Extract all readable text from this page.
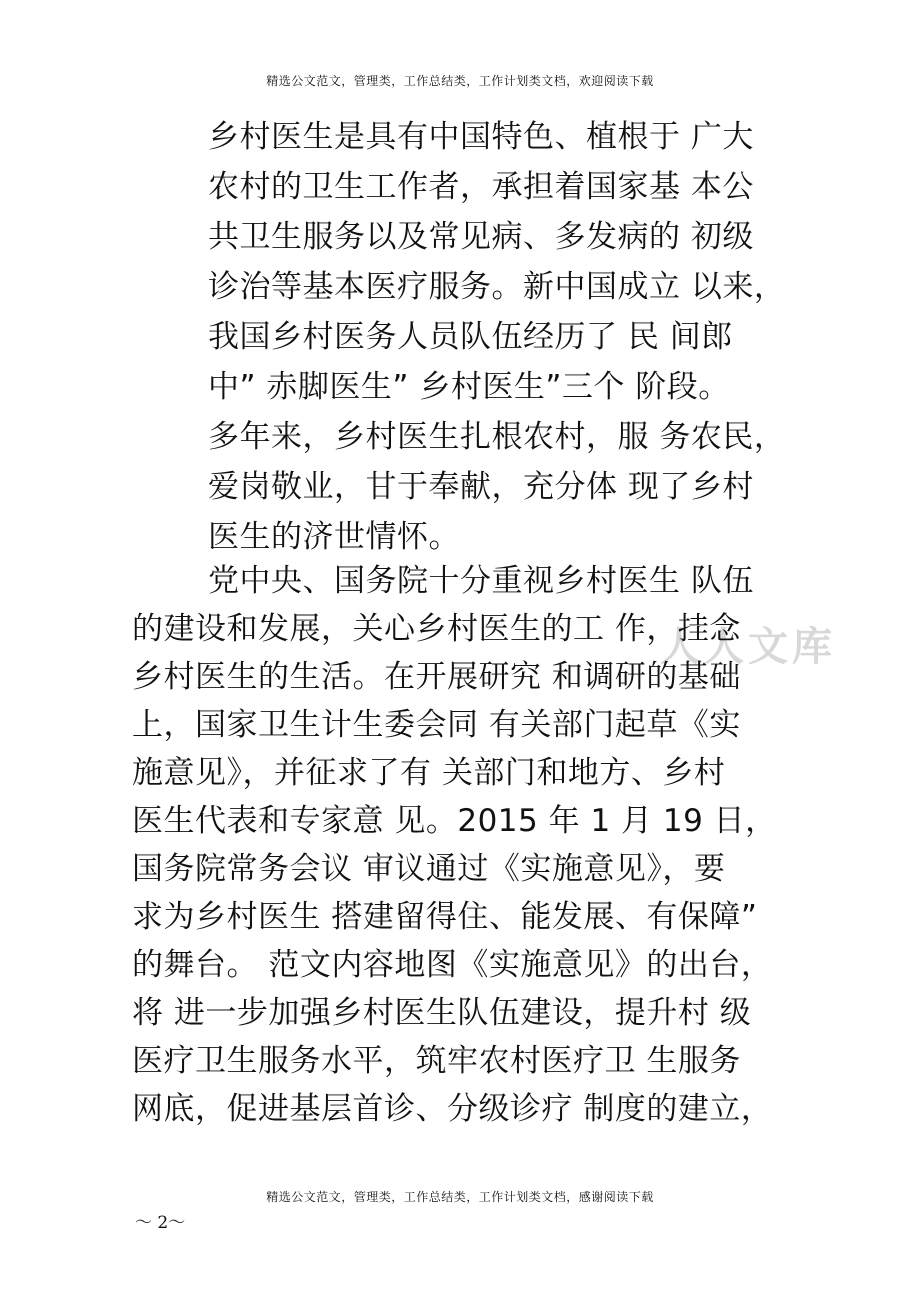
精选公文范文，管理类，工作总结类，工作计划类文档，欢迎阅读下载
人人文库
乡村医生是具有中国特色、植根于 广大
农村的卫生工作者，承担着国家基 本公
共卫生服务以及常见病、多发病的 初级
诊治等基本医疗服务。新中国成立 以来，
我国乡村医务人员队伍经历了 民 间郎
中” 赤脚医生” 乡村医生”三个 阶段。
多年来，乡村医生扎根农村，服 务农民，
爱岗敬业，甘于奉献，充分体 现了乡村
医生的济世情怀。
党中央、国务院十分重视乡村医生 队伍
的建设和发展，关心乡村医生的工 作，挂念
乡村医生的生活。在开展研究 和调研的基础
上，国家卫生计生委会同 有关部门起草《实
施意见》，并征求了有 关部门和地方、乡村
医生代表和专家意 见。2015 年 1 月 19 日，
国务院常务会议 审议通过《实施意见》，要
求为乡村医生 搭建留得住、能发展、有保障”
的舞台。 范文内容地图《实施意见》的出台，
将 进一步加强乡村医生队伍建设，提升村 级
医疗卫生服务水平，筑牢农村医疗卫 生服务
网底，促进基层首诊、分级诊疗 制度的建立，
精选公文范文，管理类，工作总结类，工作计划类文档，感谢阅读下载
～ 2～
